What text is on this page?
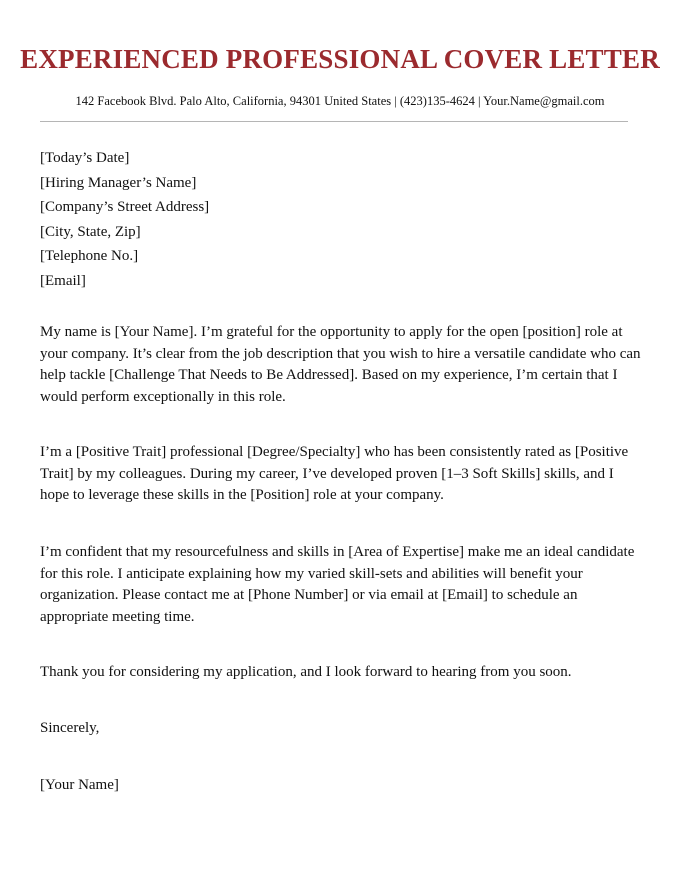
EXPERIENCED PROFESSIONAL COVER LETTER
142 Facebook Blvd. Palo Alto, California, 94301 United States | (423)135-4624 | Your.Name@gmail.com
[Today’s Date]
[Hiring Manager’s Name]
[Company’s Street Address]
[City, State, Zip]
[Telephone No.]
[Email]
My name is [Your Name]. I’m grateful for the opportunity to apply for the open [position] role at your company. It’s clear from the job description that you wish to hire a versatile candidate who can help tackle [Challenge That Needs to Be Addressed]. Based on my experience, I’m certain that I would perform exceptionally in this role.
I’m a [Positive Trait] professional [Degree/Specialty] who has been consistently rated as [Positive Trait] by my colleagues. During my career, I’ve developed proven [1–3 Soft Skills] skills, and I hope to leverage these skills in the [Position] role at your company.
I’m confident that my resourcefulness and skills in [Area of Expertise] make me an ideal candidate for this role. I anticipate explaining how my varied skill-sets and abilities will benefit your organization. Please contact me at [Phone Number] or via email at [Email] to schedule an appropriate meeting time.
Thank you for considering my application, and I look forward to hearing from you soon.
Sincerely,
[Your Name]
